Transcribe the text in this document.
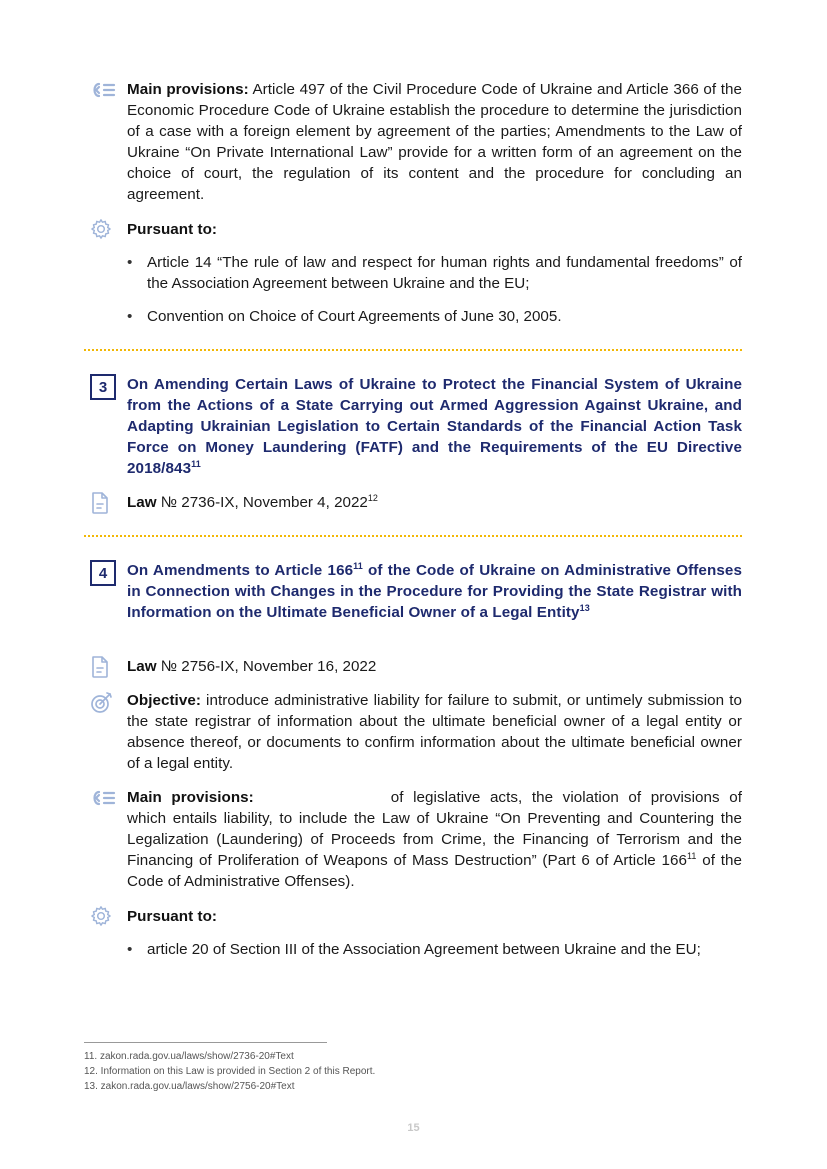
Main provisions: Article 497 of the Civil Procedure Code of Ukraine and Article 366 of the Economic Procedure Code of Ukraine establish the procedure to determine the jurisdiction of a case with a foreign element by agreement of the parties; Amendments to the Law of Ukraine “On Private International Law” provide for a written form of an agreement on the choice of court, the regulation of its content and the procedure for concluding an agreement.

Pursuant to:

• Article 14 “The rule of law and respect for human rights and fundamental freedoms” of the Association Agreement between Ukraine and the EU;
• Convention on Choice of Court Agreements of June 30, 2005.
3	On Amending Certain Laws of Ukraine to Protect the Financial System of Ukraine from the Actions of a State Carrying out Armed Aggression Against Ukraine, and Adapting Ukrainian Legislation to Certain Standards of the Financial Action Task Force on Money Laundering (FATF) and the Requirements of the EU Directive $2018/843^{11}$

Law № 2736-IX, November 4, 2022$^{12}$

4	On Amendments to Article $166^{11}$ of the Code of Ukraine on Administrative Offenses in Connection with Changes in the Procedure for Providing the State Registrar with Information on the Ultimate Beneficial Owner of a Legal Entity$^{13}$

Law № 2756-IX, November 16, 2022

Objective: introduce administrative liability for failure to submit, or untimely submission to the state registrar of information about the ultimate beneficial owner of a legal entity or absence thereof, or documents to confirm information about the ultimate beneficial owner of a legal entity.

Main provisions:	of legislative acts, the violation of provisions of which entails liability, to include the Law of Ukraine “On Preventing and Countering the Legalization (Laundering) of Proceeds from Crime, the Financing of Terrorism and the Financing of Proliferation of Weapons of Mass Destruction” (Part 6 of Article $166^{11}$ of the Code of Administrative Offenses).

Pursuant to:

• article 20 of Section III of the Association Agreement between Ukraine and the EU;
11. zakon.rada.gov.ua/laws/show/2736-20#Text
12. Information on this Law is provided in Section 2 of this Report.
13. zakon.rada.gov.ua/laws/show/2756-20#Text
15
